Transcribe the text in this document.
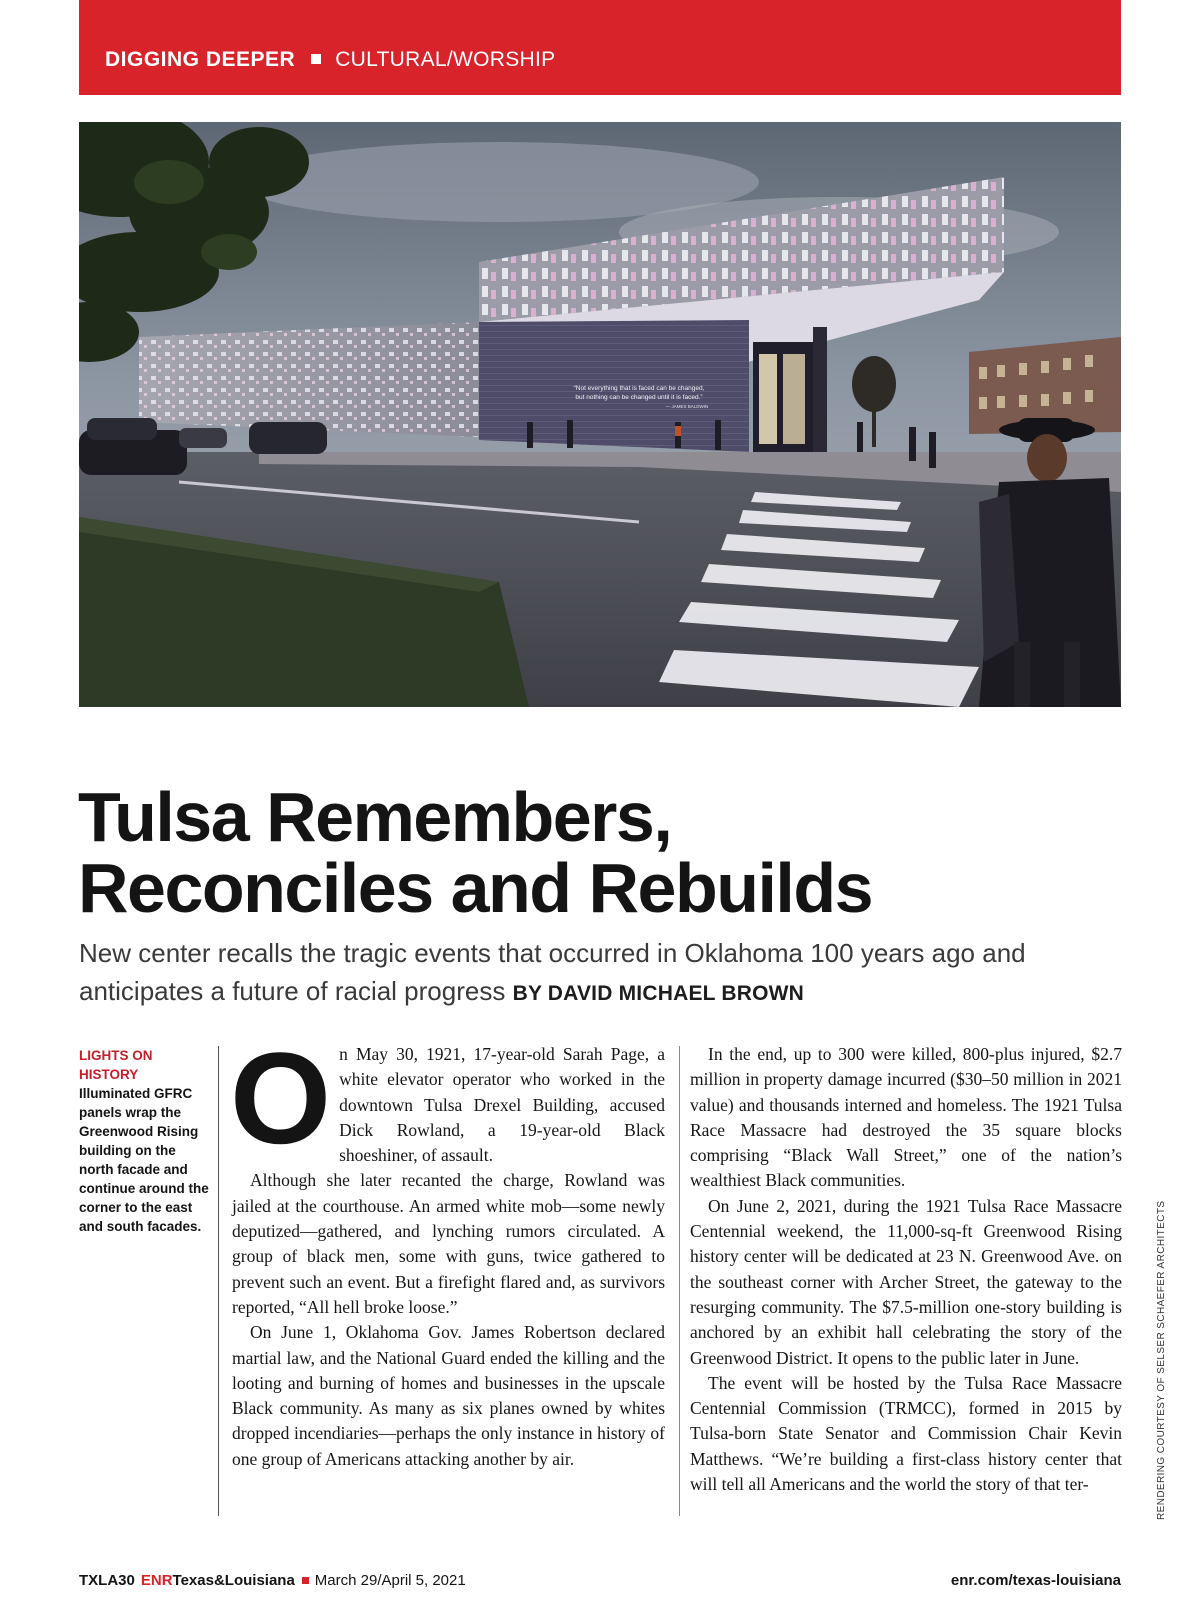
DIGGING DEEPER CULTURAL/WORSHIP
“Not everything that is faced can be changed,
but nothing can be changed until it is faced.”
— JAMES BALDWIN
Tulsa Remembers,
Reconciles and Rebuilds

New center recalls the tragic events that occurred in Oklahoma 100 years ago and anticipates a future of racial progress BY DAVID MICHAEL BROWN

LIGHTS ON HISTORY
Illuminated GFRC panels wrap the Greenwood Rising building on the north facade and continue around the corner to the east and south facades.
O n May 30, 1921, 17-year-old Sarah Page, a white elevator operator who worked in the downtown Tulsa Drexel Building, accused Dick Rowland, a 19-year-old Black shoeshiner, of assault.

Although she later recanted the charge, Rowland was jailed at the courthouse. An armed white mob—some newly deputized—gathered, and lynching rumors circulated. A group of black men, some with guns, twice gathered to prevent such an event. But a firefight flared and, as survivors reported, “All hell broke loose.”

On June 1, Oklahoma Gov. James Robertson declared martial law, and the National Guard ended the killing and the looting and burning of homes and businesses in the upscale Black community. As many as six planes owned by whites dropped incendiaries—perhaps the only instance in history of one group of Americans attacking another by air.

In the end, up to 300 were killed, 800-plus injured, $2.7 million in property damage incurred ($30–50 million in 2021 value) and thousands interned and homeless. The 1921 Tulsa Race Massacre had destroyed the 35 square blocks comprising “Black Wall Street,” one of the nation’s wealthiest Black communities.

On June 2, 2021, during the 1921 Tulsa Race Massacre Centennial weekend, the 11,000-sq-ft Greenwood Rising history center will be dedicated at 23 N. Greenwood Ave. on the southeast corner with Archer Street, the gateway to the resurging community. The $7.5-million one-story building is anchored by an exhibit hall celebrating the story of the Greenwood District. It opens to the public later in June.

The event will be hosted by the Tulsa Race Massacre Centennial Commission (TRMCC), formed in 2015 by Tulsa-born State Senator and Commission Chair Kevin Matthews. “We’re building a first-class history center that will tell all Americans and the world the story of that ter-	RENDERING COURTESY OF SELSER SCHAEFER ARCHITECTS
TXLA30 ENRTexas&Louisiana March 29/April 5, 2021	enr.com/texas-louisiana
